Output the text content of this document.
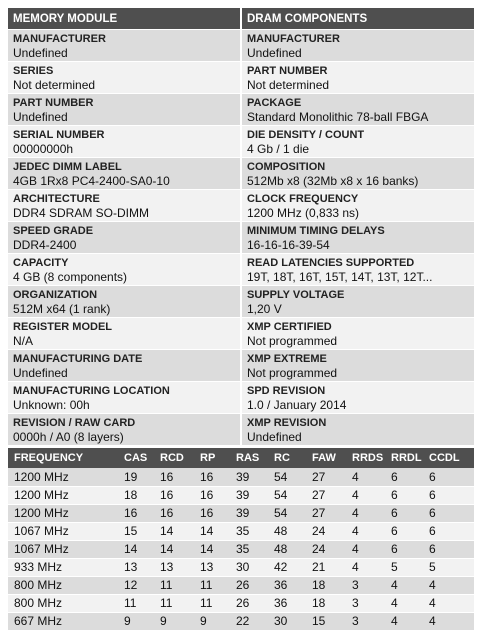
MEMORY MODULE
MANUFACTURER
Undefined
SERIES
Not determined
PART NUMBER
Undefined
SERIAL NUMBER
00000000h
JEDEC DIMM LABEL
4GB 1Rx8 PC4-2400-SA0-10
ARCHITECTURE
DDR4 SDRAM SO-DIMM
SPEED GRADE
DDR4-2400
CAPACITY
4 GB (8 components)
ORGANIZATION
512M x64 (1 rank)
REGISTER MODEL
N/A
MANUFACTURING DATE
Undefined
MANUFACTURING LOCATION
Unknown: 00h
REVISION / RAW CARD
0000h / A0 (8 layers)
DRAM COMPONENTS
MANUFACTURER
Undefined
PART NUMBER
Not determined
PACKAGE
Standard Monolithic 78-ball FBGA
DIE DENSITY / COUNT
4 Gb / 1 die
COMPOSITION
512Mb x8 (32Mb x8 x 16 banks)
CLOCK FREQUENCY
1200 MHz (0,833 ns)
MINIMUM TIMING DELAYS
16-16-16-39-54
READ LATENCIES SUPPORTED
19T, 18T, 16T, 15T, 14T, 13T, 12T...
SUPPLY VOLTAGE
1,20 V
XMP CERTIFIED
Not programmed
XMP EXTREME
Not programmed
SPD REVISION
1.0 / January 2014
XMP REVISION
Undefined
FREQUENCY	CAS	RCD	RP	RAS	RC	FAW	RRDS	RRDL	CCDL
1200 MHz	19	16	16	39	54	27	4	6	6
1200 MHz	18	16	16	39	54	27	4	6	6
1200 MHz	16	16	16	39	54	27	4	6	6
1067 MHz	15	14	14	35	48	24	4	6	6
1067 MHz	14	14	14	35	48	24	4	6	6
933 MHz	13	13	13	30	42	21	4	5	5
800 MHz	12	11	11	26	36	18	3	4	4
800 MHz	11	11	11	26	36	18	3	4	4
667 MHz	9	9	9	22	30	15	3	4	4
